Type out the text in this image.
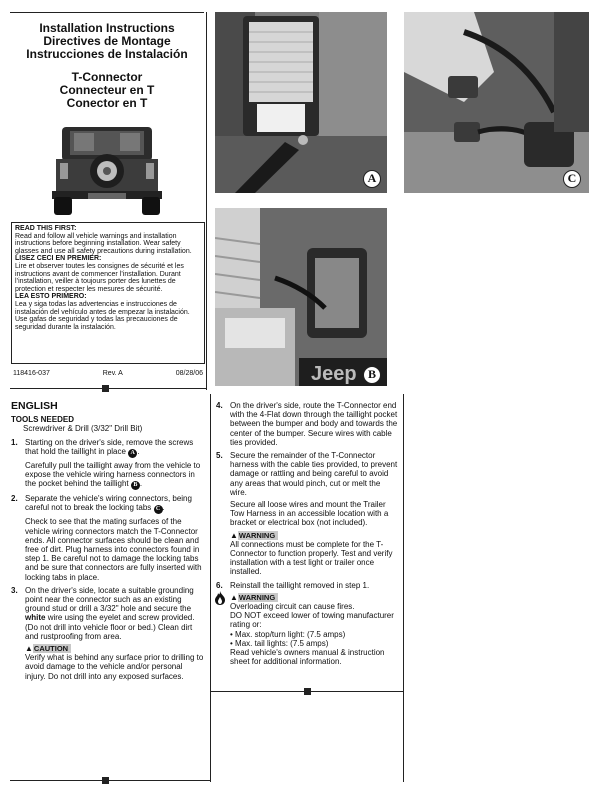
Installation Instructions
Directives de Montage
Instrucciones de Instalación
T-Connector
Connecteur en T
Conector en T
READ THIS FIRST:
Read and follow all vehicle warnings and installation instructions before beginning installation. Wear safety glasses and use all safety precautions during installation.
LISEZ CECI EN PREMIER:
Lire et observer toutes les consignes de sécurité et les instructions avant de commencer l’installation. Durant l’installation, veiller à toujours porter des lunettes de protection et respecter les mesures de sécurité.
LEA ESTO PRIMERO:
Lea y siga todas las advertencias e instrucciones de instalación del vehículo antes de empezar la instalación. Use gafas de seguridad y todas las precauciones de seguridad durante la instalación.
118416-037	Rev. A	08/28/06
A	C
Jeep B
ENGLISH
TOOLS NEEDED
Screwdriver & Drill (3/32" Drill Bit)
1. Starting on the driver's side, remove the screws that hold the taillight in place A .

Carefully pull the taillight away from the vehicle to expose the vehicle wiring harness connectors in the pocket behind the taillight B .

2. Separate the vehicle's wiring connectors, being careful not to break the locking tabs C .

Check to see that the mating surfaces of the vehicle wiring connectors match the T-Connector ends. All connector surfaces should be clean and free of dirt. Plug harness into connectors found in step 1. Be careful not to damage the locking tabs and be sure that connectors are fully inserted with locking tabs in place.

3. On the driver's side, locate a suitable grounding point near the connector such as an existing ground stud or drill a 3/32" hole and secure the white wire using the eyelet and screw provided. (Do not drill into vehicle floor or bed.) Clean dirt and rustproofing from area.

▲CAUTION

Verify what is behind any surface prior to drilling to avoid damage to the vehicle and/or personal injury. Do not drill into any exposed surfaces.

4. On the driver's side, route the T-Connector end with the 4-Flat down through the taillight pocket between the bumper and body and towards the center of the bumper. Secure wires with cable ties provided.

5. Secure the remainder of the T-Connector harness with the cable ties provided, to prevent damage or rattling and being careful to avoid any areas that would pinch, cut or melt the wire.

Secure all loose wires and mount the Trailer Tow Harness in an accessible location with a bracket or electrical box (not included).

▲WARNING

All connections must be complete for the T-Connector to function properly. Test and verify installation with a test light or trailer once installed.

6. Reinstall the taillight removed in step 1.

▲WARNING
Overloading circuit can cause fires.
DO NOT exceed lower of towing manufacturer rating or:
• Max. stop/turn light: (7.5 amps)
• Max. tail lights: (7.5 amps)
Read vehicle's owners manual & instruction sheet for additional information.
